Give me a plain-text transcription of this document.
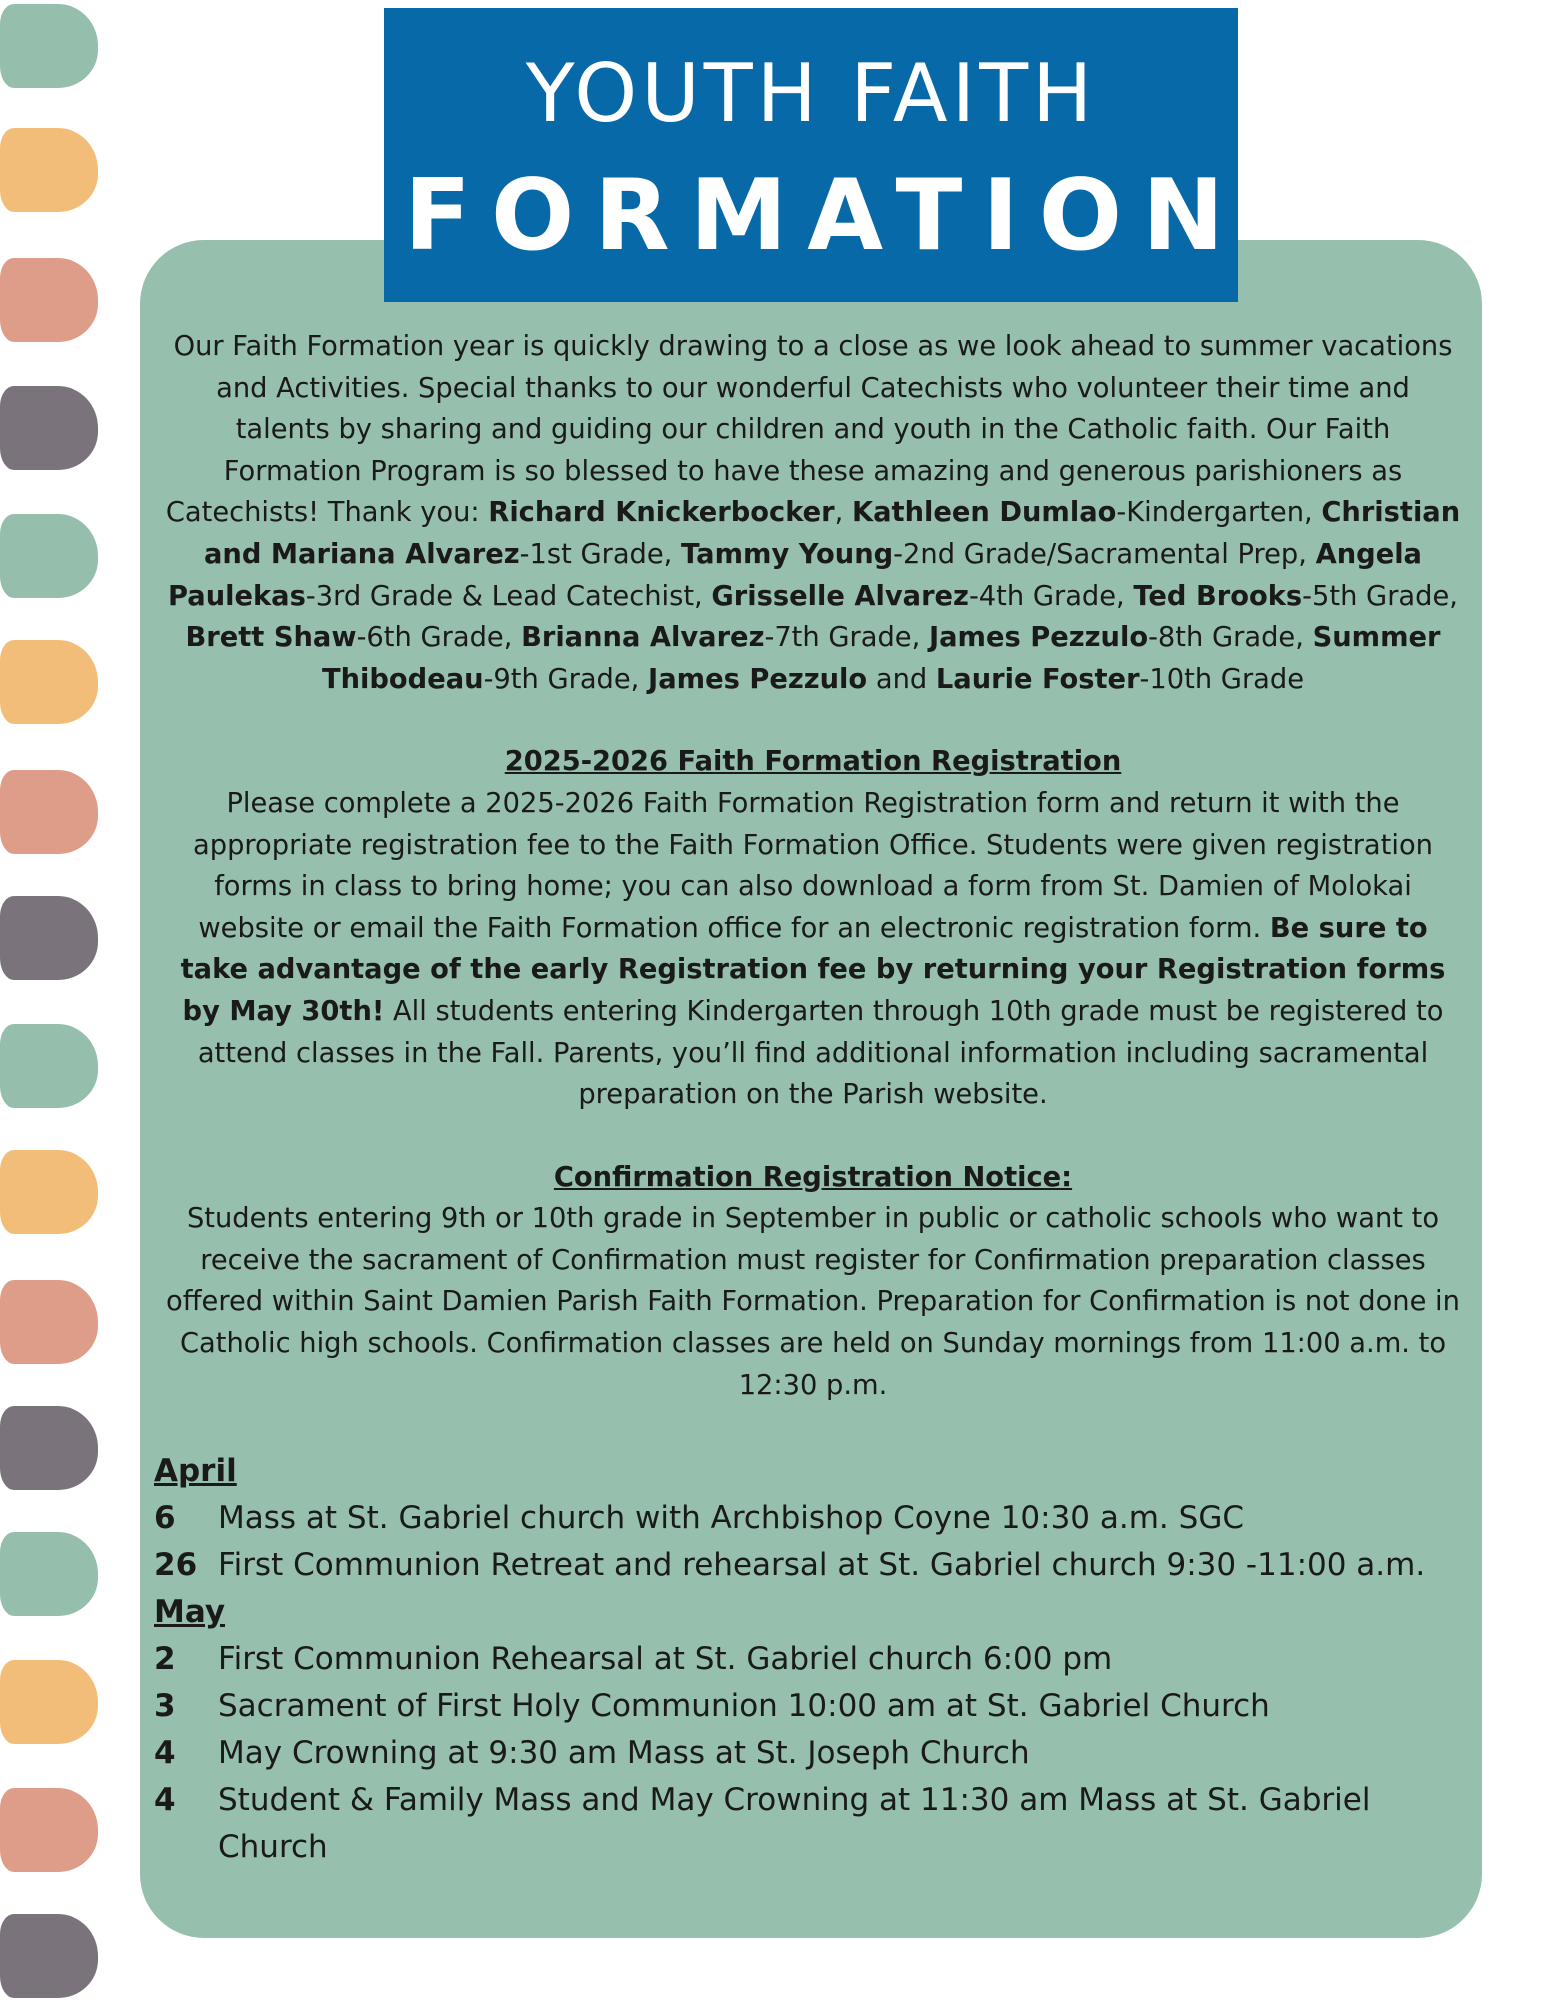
YOUTH FAITH
FORMATION

Our Faith Formation year is quickly drawing to a close as we look ahead to summer vacations and Activities. Special thanks to our wonderful Catechists who volunteer their time and talents by sharing and guiding our children and youth in the Catholic faith. Our Faith Formation Program is so blessed to have these amazing and generous parishioners as Catechists! Thank you: Richard Knickerbocker, Kathleen Dumlao-Kindergarten, Christian and Mariana Alvarez-1st Grade, Tammy Young-2nd Grade/Sacramental Prep, Angela Paulekas-3rd Grade & Lead Catechist, Grisselle Alvarez-4th Grade, Ted Brooks-5th Grade, Brett Shaw-6th Grade, Brianna Alvarez-7th Grade, James Pezzulo-8th Grade, Summer Thibodeau-9th Grade, James Pezzulo and Laurie Foster-10th Grade

2025-2026 Faith Formation Registration

Please complete a 2025-2026 Faith Formation Registration form and return it with the appropriate registration fee to the Faith Formation Office. Students were given registration forms in class to bring home; you can also download a form from St. Damien of Molokai website or email the Faith Formation office for an electronic registration form. Be sure to take advantage of the early Registration fee by returning your Registration forms by May 30th! All students entering Kindergarten through 10th grade must be registered to attend classes in the Fall. Parents, you’ll find additional information including sacramental preparation on the Parish website.

Confirmation Registration Notice:

Students entering 9th or 10th grade in September in public or catholic schools who want to receive the sacrament of Confirmation must register for Confirmation preparation classes offered within Saint Damien Parish Faith Formation. Preparation for Confirmation is not done in Catholic high schools. Confirmation classes are held on Sunday mornings from 11:00 a.m. to 12:30 p.m.

April
6	Mass at St. Gabriel church with Archbishop Coyne 10:30 a.m. SGC
26 First Communion Retreat and rehearsal at St. Gabriel church 9:30 -11:00 a.m.
May
2	First Communion Rehearsal at St. Gabriel church 6:00 pm
3	Sacrament of First Holy Communion 10:00 am at St. Gabriel Church
4	May Crowning at 9:30 am Mass at St. Joseph Church
4	Student & Family Mass and May Crowning at 11:30 am Mass at St. Gabriel Church
